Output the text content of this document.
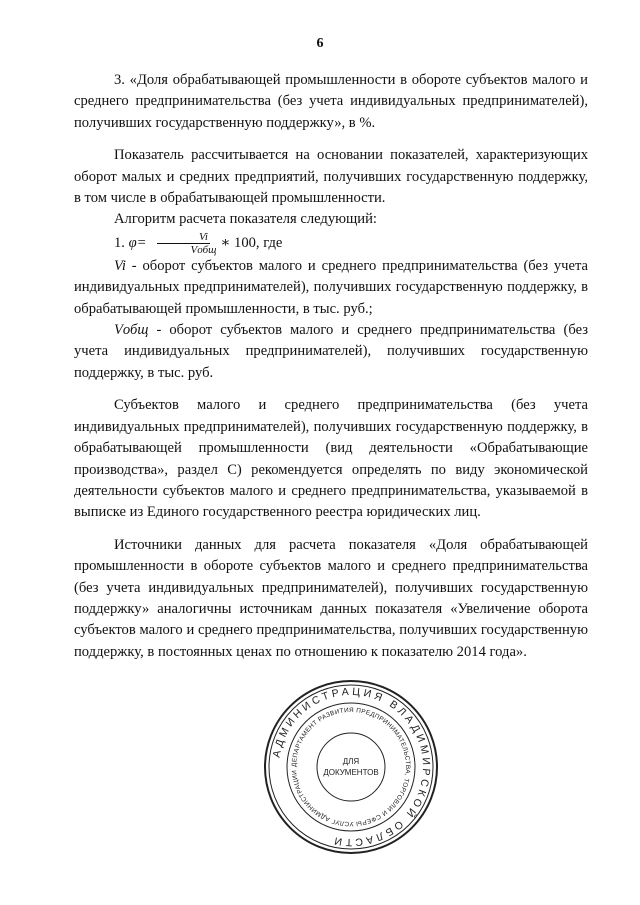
6

3. «Доля обрабатывающей промышленности в обороте субъектов малого и среднего предпринимательства (без учета индивидуальных предпринимателей), получивших государственную поддержку», в %.

Показатель рассчитывается на основании показателей, характеризующих оборот малых и средних предприятий, получивших государственную поддержку, в том числе в обрабатывающей промышленности.

Алгоритм расчета показателя следующий:

1. $\varphi= \frac{Vi}{\text{Vобщ}}$ ∗ 100, где

Vi - оборот субъектов малого и среднего предпринимательства (без учета индивидуальных предпринимателей), получивших государственную поддержку, в обрабатывающей промышленности, в тыс. руб.;

Vобщ - оборот субъектов малого и среднего предпринимательства (без учета индивидуальных предпринимателей), получивших государственную поддержку, в тыс. руб.

Субъектов малого и среднего предпринимательства (без учета индивидуальных предпринимателей), получивших государственную поддержку, в обрабатывающей промышленности (вид деятельности «Обрабатывающие производства», раздел C) рекомендуется определять по виду экономической деятельности субъектов малого и среднего предпринимательства, указываемой в выписке из Единого государственного реестра юридических лиц.

Источники данных для расчета показателя «Доля обрабатывающей промышленности в обороте субъектов малого и среднего предпринимательства (без учета индивидуальных предпринимателей), получивших государственную поддержку» аналогичны источникам данных показателя «Увеличение оборота субъектов малого и среднего предпринимательства, получивших государственную поддержку, в постоянных ценах по отношению к показателю 2014 года».

АДМИНИСТРАЦИЯ ВЛАДИМИРСКОЙ ОБЛАСТИ
ДЕПАРТАМЕНТ РАЗВИТИЯ ПРЕДПРИНИМАТЕЛЬСТВА, ТОРГОВЛИ И СФЕРЫ УСЛУГ АДМИНИСТРАЦИИ
ДЛЯ
ДОКУМЕНТОВ
